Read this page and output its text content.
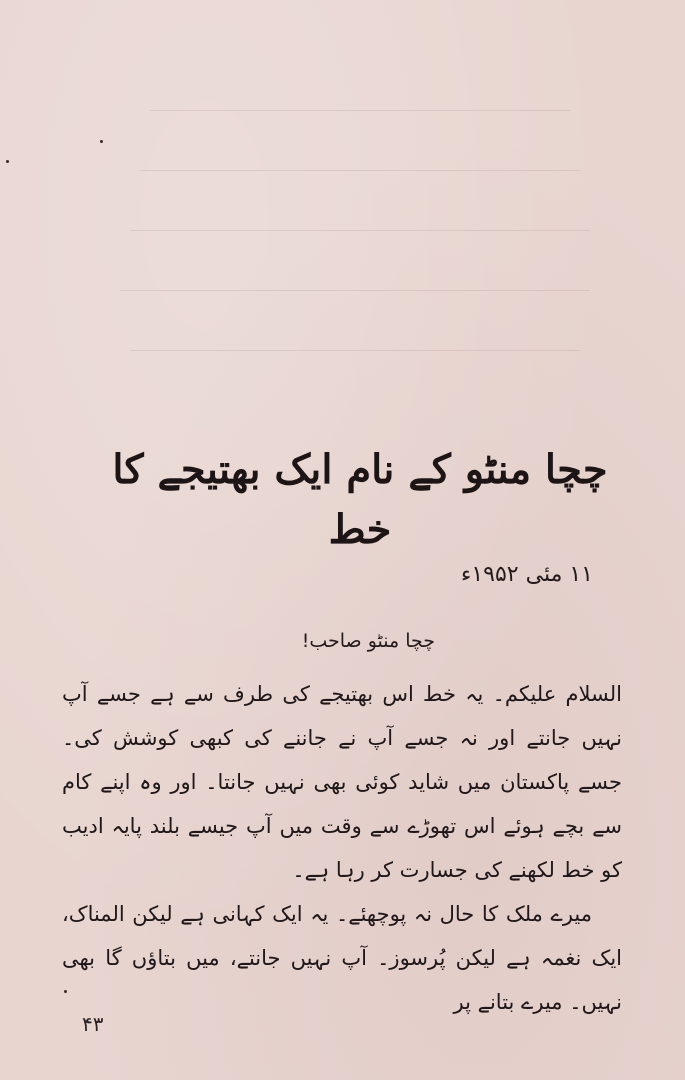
چچا منٹو کے نام ایک بھتیجے کا خط
۱۱ مئی ۱۹۵۲ء
چچا منٹو صاحب!

السلام علیکم۔ یہ خط اس بھتیجے کی طرف سے ہے جسے آپ نہیں جانتے اور نہ جسے آپ نے جاننے کی کبھی کوشش کی۔ جسے پاکستان میں شاید کوئی بھی نہیں جانتا۔ اور وہ اپنے کام سے بچے ہوئے اس تھوڑے سے وقت میں آپ جیسے بلند پایہ ادیب کو خط لکھنے کی جسارت کر رہا ہے۔

میرے ملک کا حال نہ پوچھئے۔ یہ ایک کہانی ہے لیکن المناک، ایک نغمہ ہے لیکن پُرسوز۔ آپ نہیں جانتے، میں بتاؤں گا بھی نہیں۔ میرے بتانے پر

۴۳
